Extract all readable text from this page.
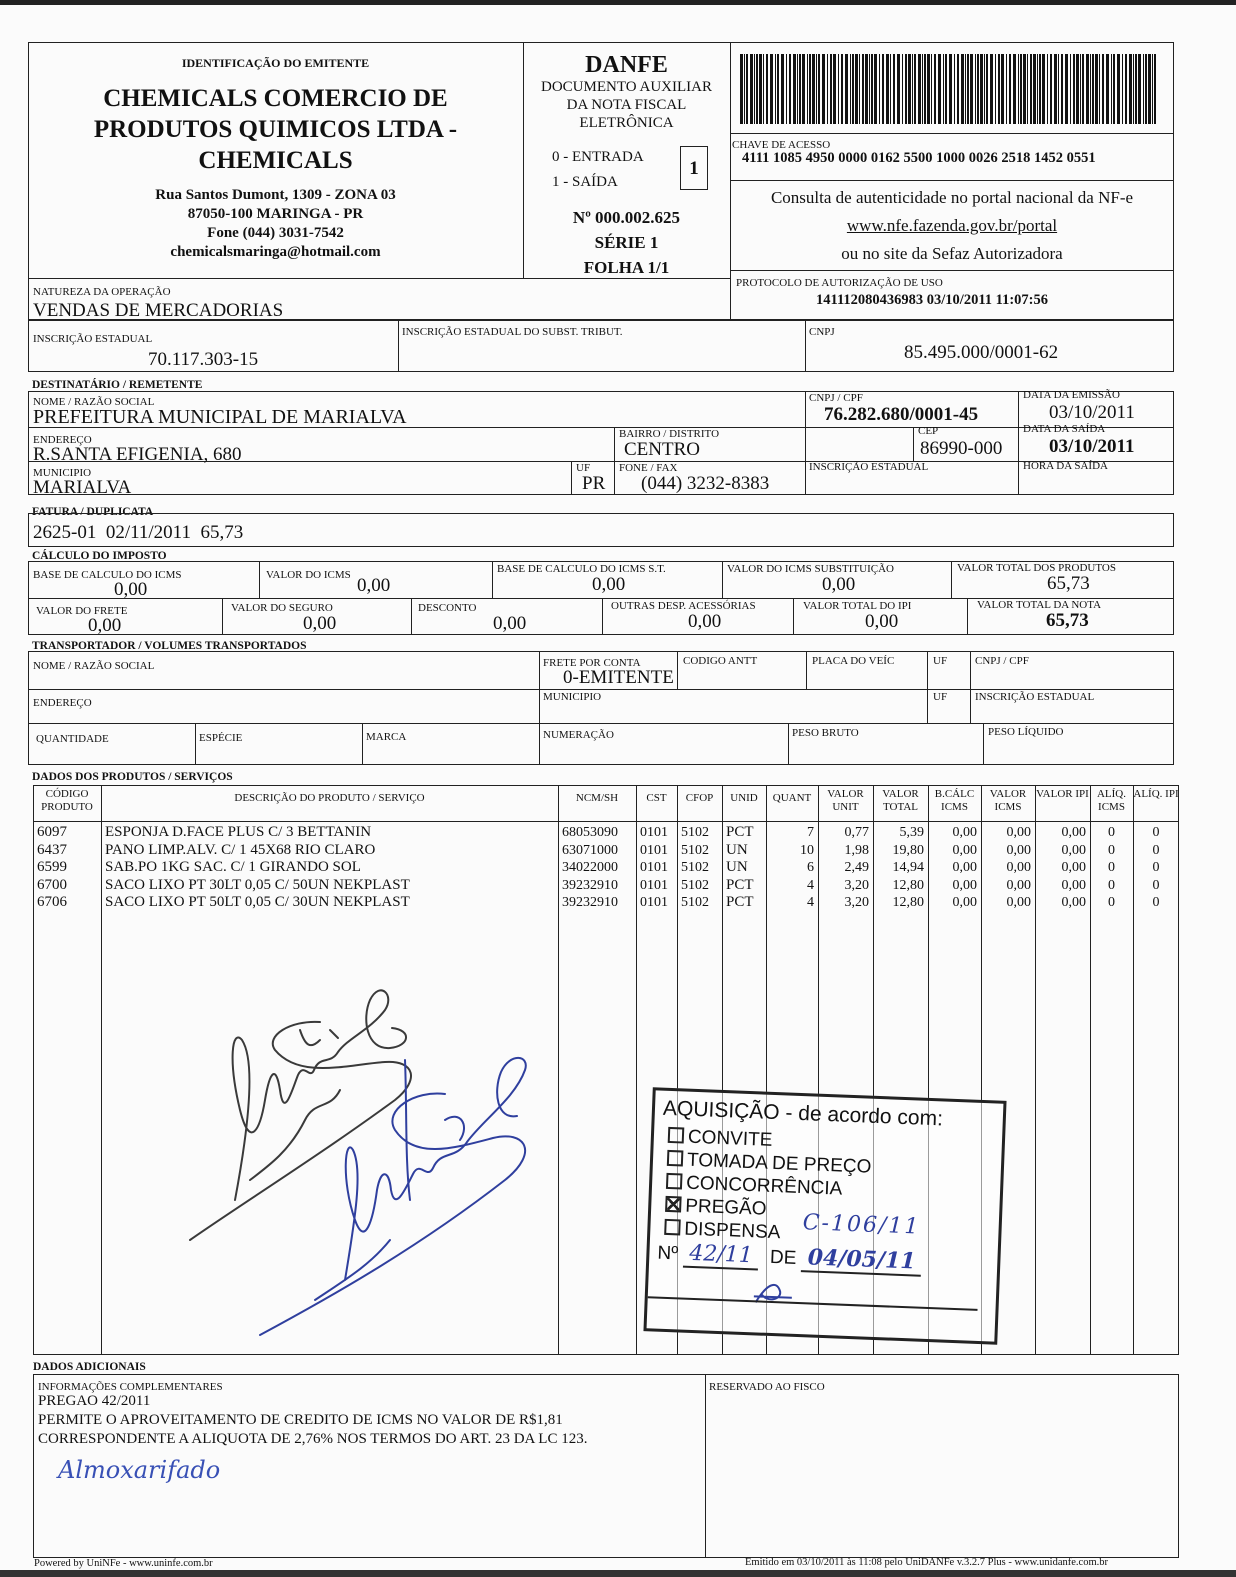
IDENTIFICAÇÃO DO EMITENTE
CHEMICALS COMERCIO DE
PRODUTOS QUIMICOS LTDA -
CHEMICALS
Rua Santos Dumont, 1309 - ZONA 03
87050-100 MARINGA - PR
Fone (044) 3031-7542
chemicalsmaringa@hotmail.com
DANFE
DOCUMENTO AUXILIAR
DA NOTA FISCAL
ELETRÔNICA
0 - ENTRADA
1 - SAÍDA
1
Nº 000.002.625
SÉRIE 1
FOLHA 1/1
CHAVE DE ACESSO
4111 1085 4950 0000 0162 5500 1000 0026 2518 1452 0551
Consulta de autenticidade no portal nacional da NF-e
www.nfe.fazenda.gov.br/portal
ou no site da Sefaz Autorizadora
NATUREZA DA OPERAÇÃO
VENDAS DE MERCADORIAS
PROTOCOLO DE AUTORIZAÇÃO DE USO
141112080436983 03/10/2011 11:07:56
INSCRIÇÃO ESTADUAL
70.117.303-15
INSCRIÇÃO ESTADUAL DO SUBST. TRIBUT.	CNPJ
85.495.000/0001-62
DESTINATÁRIO / REMETENTE
NOME / RAZÃO SOCIAL
PREFEITURA MUNICIPAL DE MARIALVA
CNPJ / CPF
76.282.680/0001-45
DATA DA EMISSÃO
03/10/2011
ENDEREÇO
R.SANTA EFIGENIA, 680
BAIRRO / DISTRITO
CENTRO
CEP
86990-000
DATA DA SAÍDA
03/10/2011
MUNICIPIO
MARIALVA
UF
PR
FONE / FAX
(044) 3232-8383
INSCRIÇÃO ESTADUAL	HORA DA SAÍDA
FATURA / DUPLICATA
2625-01  02/11/2011  65,73
CÁLCULO DO IMPOSTO
BASE DE CALCULO DO ICMS
0,00
VALOR DO ICMS 0,00
BASE DE CALCULO DO ICMS S.T.
0,00
VALOR DO ICMS SUBSTITUIÇÃO
0,00
VALOR TOTAL DOS PRODUTOS
65,73
VALOR DO FRETE
0,00
VALOR DO SEGURO
0,00
DESCONTO
0,00
OUTRAS DESP. ACESSÓRIAS
0,00
VALOR TOTAL DO IPI
0,00
VALOR TOTAL DA NOTA
65,73
TRANSPORTADOR / VOLUMES TRANSPORTADOS
NOME / RAZÃO SOCIAL	FRETE POR CONTA
0-EMITENTE
CODIGO ANTT	PLACA DO VEÍC	UF	CNPJ / CPF
ENDEREÇO	MUNICIPIO	UF	INSCRIÇÃO ESTADUAL
QUANTIDADE	ESPÉCIE	MARCA	NUMERAÇÃO	PESO BRUTO	PESO LÍQUIDO
DADOS DOS PRODUTOS / SERVIÇOS
CÓDIGO PRODUTO
DESCRIÇÃO DO PRODUTO / SERVIÇO	NCM/SH	CST	CFOP	UNID	QUANT	VALOR UNIT
VALOR TOTAL
B.CÁLC ICMS
VALOR ICMS
VALOR IPI ALÍQ. ICMS
ALÍQ. IPI
6097	ESPONJA D.FACE PLUS C/ 3 BETTANIN	68053090	0101 5102	PCT	7	0,77	5,39	0,00	0,00	0,00	0	0
6437	PANO LIMP.ALV. C/ 1 45X68 RIO CLARO	63071000	0101 5102	UN	10	1,98	19,80	0,00	0,00	0,00	0	0
6599	SAB.PO 1KG SAC. C/ 1 GIRANDO SOL	34022000	0101 5102	UN	6	2,49	14,94	0,00	0,00	0,00	0	0
6700	SACO LIXO PT 30LT 0,05 C/ 50UN NEKPLAST	39232910	0101 5102	PCT	4	3,20	12,80	0,00	0,00	0,00	0	0
6706	SACO LIXO PT 50LT 0,05 C/ 30UN NEKPLAST	39232910	0101 5102	PCT	4	3,20	12,80	0,00	0,00	0,00	0	0
AQUISIÇÃO - de acordo com:
CONVITE
TOMADA DE PREÇO
CONCORRÊNCIA
PREGÃO
DISPENSA C-106/11
Nº 42/11 DE 04/05/11
DADOS ADICIONAIS
INFORMAÇÕES COMPLEMENTARES
PREGAO 42/2011
PERMITE O APROVEITAMENTO DE CREDITO DE ICMS NO VALOR DE R$1,81
CORRESPONDENTE A ALIQUOTA DE 2,76% NOS TERMOS DO ART. 23 DA LC 123.
Almoxarifado
RESERVADO AO FISCO
Powered by UniNFe - www.uninfe.com.br	Emitido em 03/10/2011 às 11:08 pelo UniDANFe v.3.2.7 Plus - www.unidanfe.com.br
